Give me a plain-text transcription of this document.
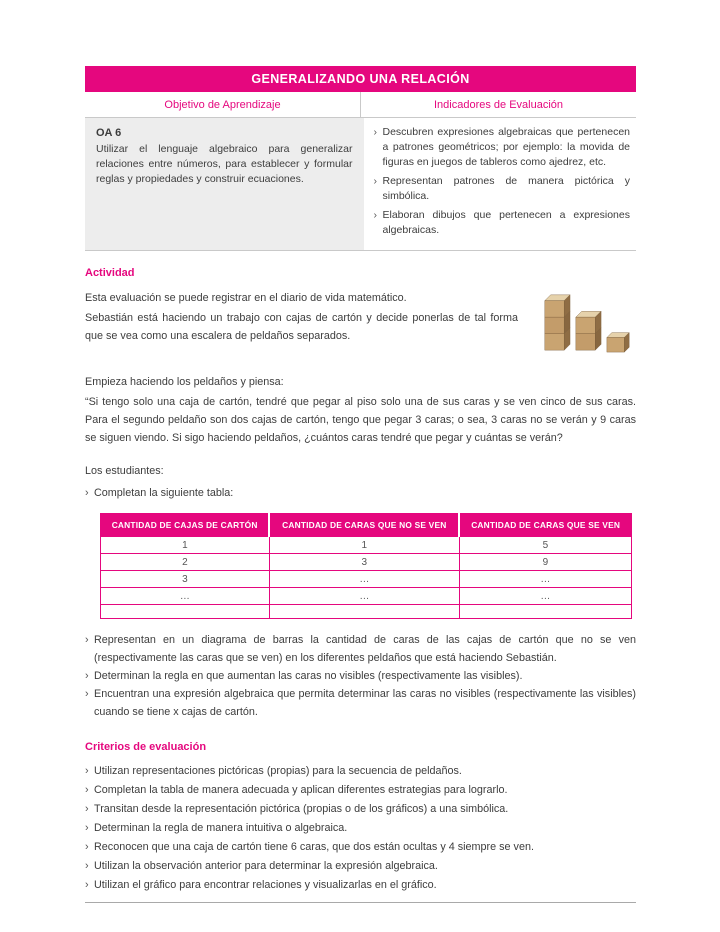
GENERALIZANDO UNA RELACIÓN
Objetivo de Aprendizaje	Indicadores de Evaluación
OA 6
Utilizar el lenguaje algebraico para generalizar relaciones entre números, para establecer y formular reglas y propiedades y construir ecuaciones.
› Descubren expresiones algebraicas que pertenecen a patrones geométricos; por ejemplo: la movida de figuras en juegos de tableros como ajedrez, etc.
› Representan patrones de manera pictórica y simbólica.
› Elaboran dibujos que pertenecen a expresiones algebraicas.
Actividad

Esta evaluación se puede registrar en el diario de vida matemático.

Sebastián está haciendo un trabajo con cajas de cartón y decide ponerlas de tal forma que se vea como una escalera de peldaños separados.

Empieza haciendo los peldaños y piensa:

“Si tengo solo una caja de cartón, tendré que pegar al piso solo una de sus caras y se ven cinco de sus caras. Para el segundo peldaño son dos cajas de cartón, tengo que pegar 3 caras; o sea, 3 caras no se verán y 9 caras se siguen viendo. Si sigo haciendo peldaños, ¿cuántos caras tendré que pegar y cuántas se verán?

Los estudiantes:

› Completan la siguiente tabla:
CANTIDAD DE CAJAS DE CARTÓN	CANTIDAD DE CARAS QUE NO SE VEN	CANTIDAD DE CARAS QUE SE VEN
1	1	5
2	3	9
3	…	…
…	…	…

› Representan en un diagrama de barras la cantidad de caras de las cajas de cartón que no se ven (respectivamente las caras que se ven) en los diferentes peldaños que está haciendo Sebastián.
› Determinan la regla en que aumentan las caras no visibles (respectivamente las visibles).
› Encuentran una expresión algebraica que permita determinar las caras no visibles (respectivamente las visibles) cuando se tiene x cajas de cartón.
Criterios de evaluación
› Utilizan representaciones pictóricas (propias) para la secuencia de peldaños.
› Completan la tabla de manera adecuada y aplican diferentes estrategias para lograrlo.
› Transitan desde la representación pictórica (propias o de los gráficos) a una simbólica.
› Determinan la regla de manera intuitiva o algebraica.
› Reconocen que una caja de cartón tiene 6 caras, que dos están ocultas y 4 siempre se ven.
› Utilizan la observación anterior para determinar la expresión algebraica.
› Utilizan el gráfico para encontrar relaciones y visualizarlas en el gráfico.
